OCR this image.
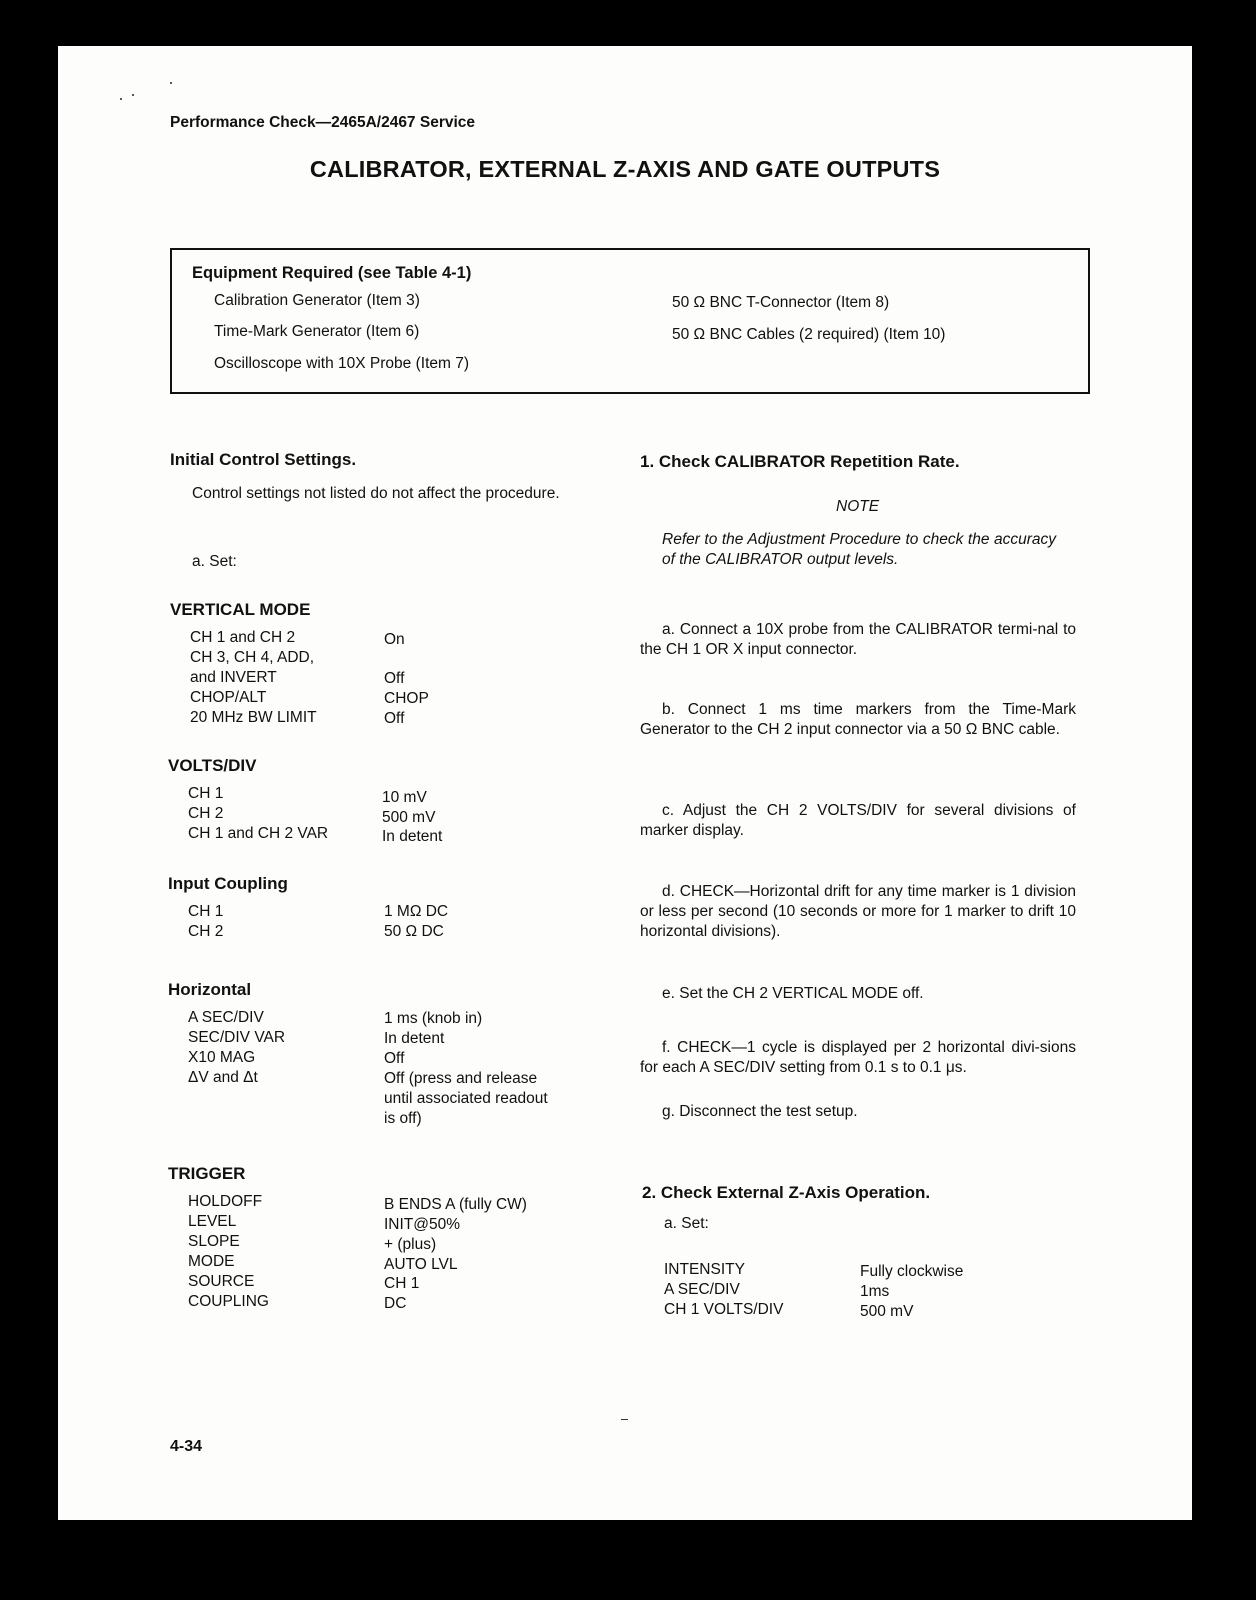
Performance Check—2465A/2467 Service
CALIBRATOR, EXTERNAL Z-AXIS AND GATE OUTPUTS
Equipment Required (see Table 4-1)
Calibration Generator (Item 3)
Time-Mark Generator (Item 6)
Oscilloscope with 10X Probe (Item 7)
50 Ω BNC T-Connector (Item 8)
50 Ω BNC Cables (2 required) (Item 10)
Initial Control Settings.
Control settings not listed do not affect the procedure.
a. Set:
VERTICAL MODE
CH 1 and CH 2	On
CH 3, CH 4, ADD,
and INVERT	Off
CHOP/ALT	CHOP
20 MHz BW LIMIT	Off
VOLTS/DIV
CH 1	10 mV
CH 2	500 mV
CH 1 and CH 2 VAR	In detent
Input Coupling
CH 1	1 MΩ DC
CH 2	50 Ω DC
Horizontal
A SEC/DIV	1 ms (knob in)
SEC/DIV VAR	In detent
X10 MAG	Off
ΔV and Δt	Off (press and release
until associated readout
is off)
TRIGGER
HOLDOFF	B ENDS A (fully CW)
LEVEL	INIT@50%
SLOPE	+ (plus)
MODE	AUTO LVL
SOURCE	CH 1
COUPLING	DC
1. Check CALIBRATOR Repetition Rate.
NOTE
Refer to the Adjustment Procedure to check the accuracy of the CALIBRATOR output levels.
a. Connect a 10X probe from the CALIBRATOR termi-nal to the CH 1 OR X input connector.
b. Connect 1 ms time markers from the Time-Mark Generator to the CH 2 input connector via a 50 Ω BNC cable.
c. Adjust the CH 2 VOLTS/DIV for several divisions of marker display.
d. CHECK—Horizontal drift for any time marker is 1 division or less per second (10 seconds or more for 1 marker to drift 10 horizontal divisions).
e. Set the CH 2 VERTICAL MODE off.
f. CHECK—1 cycle is displayed per 2 horizontal divi-sions for each A SEC/DIV setting from 0.1 s to 0.1 μs.
g. Disconnect the test setup.
2. Check External Z-Axis Operation.
a. Set:
INTENSITY	Fully clockwise
A SEC/DIV	1ms
CH 1 VOLTS/DIV	500 mV
4-34
